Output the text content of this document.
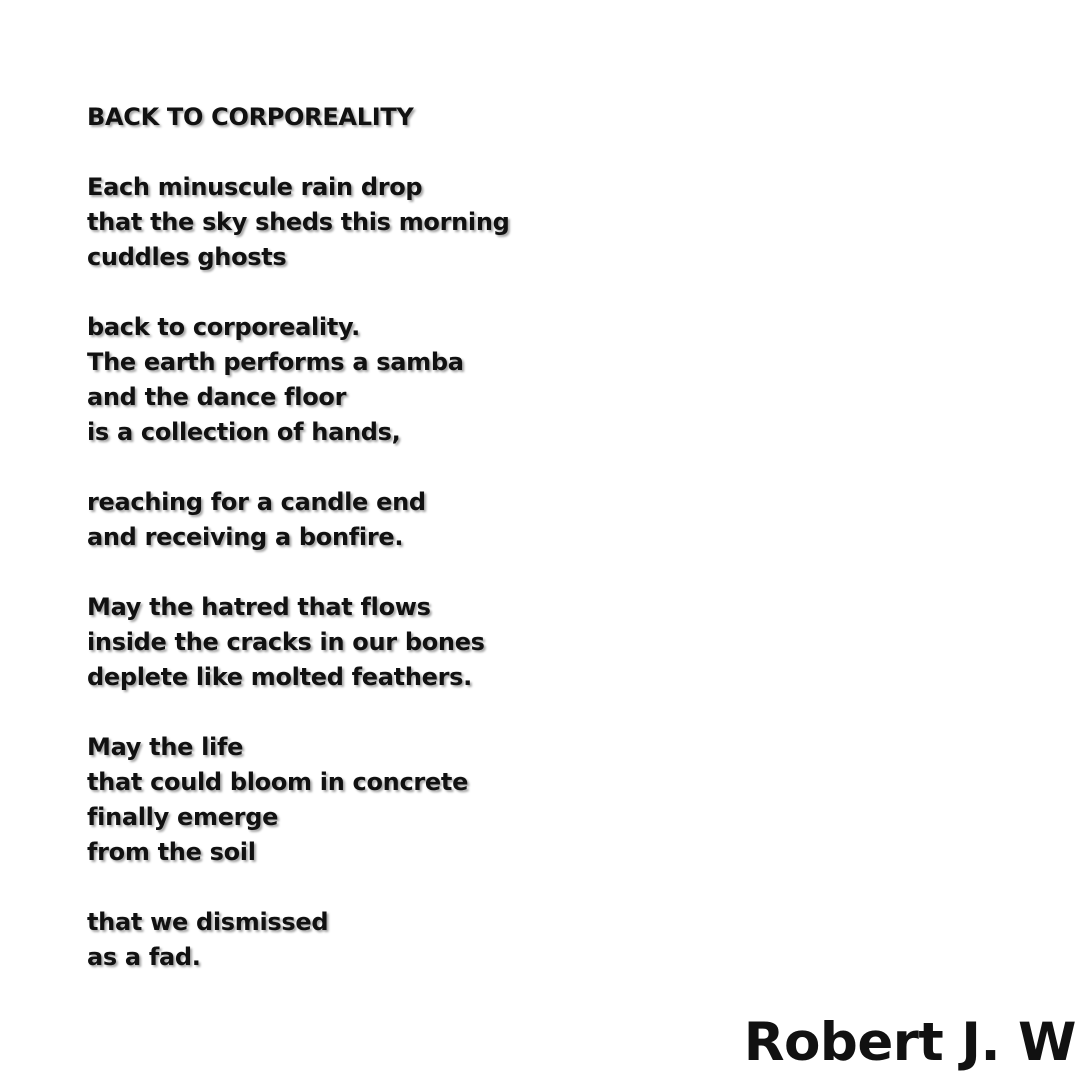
BACK TO CORPOREALITY
Each minuscule rain drop
that the sky sheds this morning
cuddles ghosts
back to corporeality.
The earth performs a samba
and the dance floor
is a collection of hands,
reaching for a candle end
and receiving a bonfire.
May the hatred that flows
inside the cracks in our bones
deplete like molted feathers.
May the life
that could bloom in concrete
finally emerge
from the soil
that we dismissed
as a fad.
Robert J. W
